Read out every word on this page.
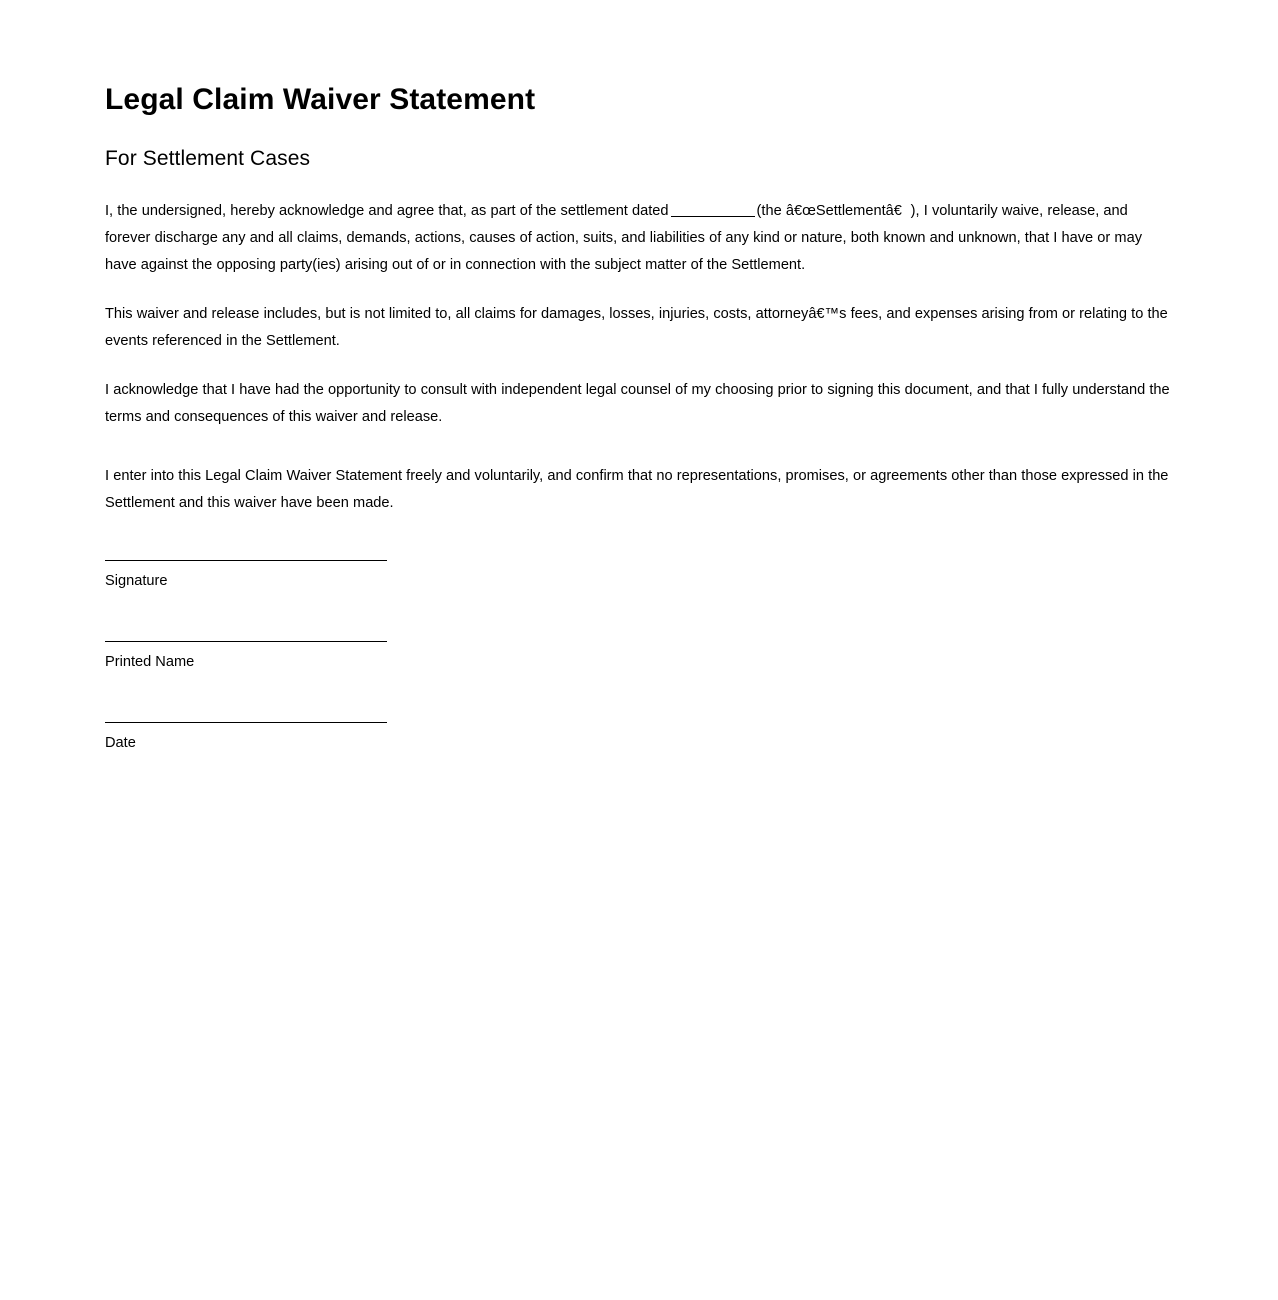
Legal Claim Waiver Statement
For Settlement Cases

I, the undersigned, hereby acknowledge and agree that, as part of the settlement dated	(the â€œSettlementâ€), I voluntarily waive, release, and forever discharge any and all claims, demands, actions, causes of action, suits, and liabilities of any kind or nature, both known and unknown, that I have or may have against the opposing party(ies) arising out of or in connection with the subject matter of the Settlement.

This waiver and release includes, but is not limited to, all claims for damages, losses, injuries, costs, attorneyâ€™s fees, and expenses arising from or relating to the events referenced in the Settlement.

I acknowledge that I have had the opportunity to consult with independent legal counsel of my choosing prior to signing this document, and that I fully understand the terms and consequences of this waiver and release.

I enter into this Legal Claim Waiver Statement freely and voluntarily, and confirm that no representations, promises, or agreements other than those expressed in the Settlement and this waiver have been made.

Signature
Printed Name
Date
